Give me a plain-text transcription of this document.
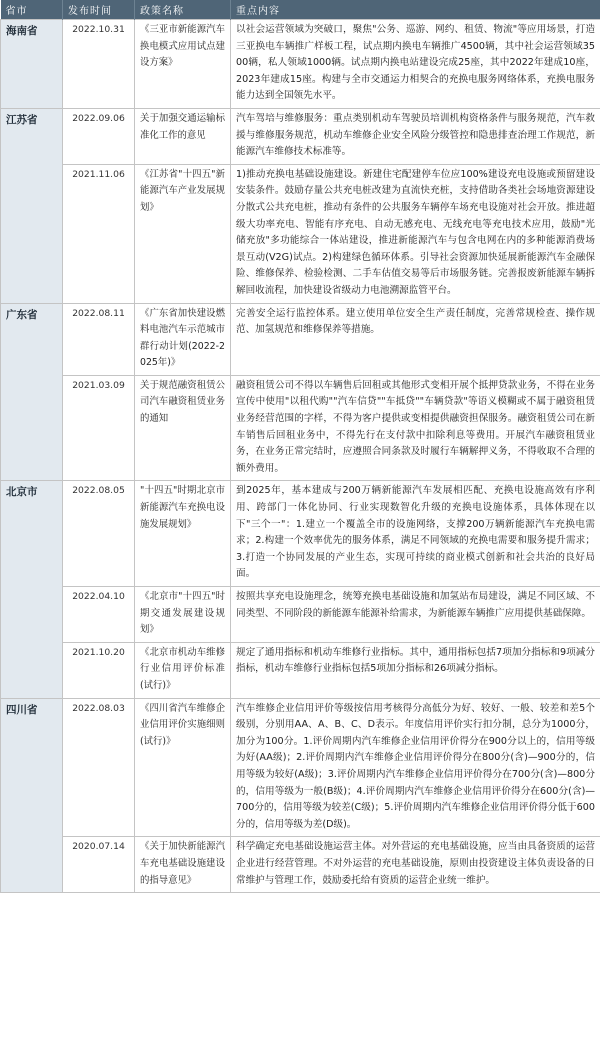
省市	发布时间	政策名称	重点内容
海南省	2022.10.31	《三亚市新能源汽车换电模式应用试点建设方案》	以社会运营领域为突破口，聚焦"公务、巡游、网约、租赁、物流"等应用场景，打造三亚换电车辆推广样板工程，试点期内换电车辆推广4500辆，其中社会运营领域3500辆，私人领域1000辆。试点期内换电站建设完成25座，其中2022年建成10座，2023年建成15座。构建与全市交通运力相契合的充换电服务网络体系，充换电服务能力达到全国领先水平。
江苏省	2022.09.06	关于加强交通运输标准化工作的意见	汽车驾培与维修服务：重点类别机动车驾驶员培训机构资格条件与服务规范，汽车救援与维修服务规范，机动车维修企业安全风险分级管控和隐患排查治理工作规范，新能源汽车维修技术标准等。
	2021.11.06	《江苏省"十四五"新能源汽车产业发展规划》	1)推动充换电基础设施建设。新建住宅配建停车位应100%建设充电设施或预留建设安装条件。鼓励存量公共充电桩改建为直流快充桩，支持借助各类社会场地资源建设分散式公共充电桩，推动有条件的公共服务车辆停车场充电设施对社会开放。推进超级大功率充电、智能有序充电、自动无感充电、无线充电等充电技术应用，鼓励"光储充放"多功能综合一体站建设，推进新能源汽车与包含电网在内的多种能源消费场景互动(V2G)试点。2)构建绿色循环体系。引导社会资源加快延展新能源汽车金融保险、维修保养、检验检测、二手车估值交易等后市场服务链。完善报废新能源车辆拆解回收流程，加快建设省级动力电池溯源监管平台。
广东省	2022.08.11	《广东省加快建设燃料电池汽车示范城市群行动计划(2022-2025年)》	完善安全运行监控体系。建立使用单位安全生产责任制度，完善常规检查、操作规范、加氢规范和维修保养等措施。
	2021.03.09	关于规范融资租赁公司汽车融资租赁业务的通知	融资租赁公司不得以车辆售后回租或其他形式变相开展个抵押贷款业务，不得在业务宣传中使用"以租代购""汽车信贷""车抵贷""车辆贷款"等语义模糊或不属于融资租赁业务经营范围的字样，不得为客户提供或变相提供融资担保服务。融资租赁公司在新车销售后回租业务中，不得先行在支付款中扣除利息等费用。开展汽车融资租赁业务，在业务正常完结时，应遵照合同条款及时履行车辆解押义务，不得收取不合理的额外费用。
北京市	2022.08.05	"十四五"时期北京市新能源汽车充换电设施发展规划》	到2025年，基本建成与200万辆新能源汽车发展相匹配、充换电设施高效有序利用、跨部门一体化协同、行业实现数智化升级的充换电设施体系，具体体现在以下"三个一"：1.建立一个覆盖全市的设施网络，支撑200万辆新能源汽车充换电需求；2.构建一个效率优先的服务体系，满足不同领域的充换电需要和服务提升需求；3.打造一个协同发展的产业生态，实现可持续的商业模式创新和社会共治的良好局面。
	2022.04.10	《北京市"十四五"时期交通发展建设规划》	按照共享充电设施理念，统筹充换电基础设施和加氢站布局建设，满足不同区域、不同类型、不同阶段的新能源车能源补给需求，为新能源车辆推广应用提供基础保障。
	2021.10.20	《北京市机动车维修行业信用评价标准(试行)》	规定了通用指标和机动车维修行业指标。其中，通用指标包括7项加分指标和9项减分指标，机动车维修行业指标包括5项加分指标和26项减分指标。
四川省	2022.08.03	《四川省汽车维修企业信用评价实施细则(试行)》	汽车维修企业信用评价等级按信用考核得分高低分为好、较好、一般、较差和差5个级别，分别用AA、A、B、C、D表示。年度信用评价实行扣分制，总分为1000分，加分为100分。1.评价周期内汽车维修企业信用评价得分在900分以上的，信用等级为好(AA级)；2.评价周期内汽车维修企业信用评价得分在800分(含)—900分的，信用等级为较好(A级)；3.评价周期内汽车维修企业信用评价得分在700分(含)—800分的，信用等级为一般(B级)；4.评价周期内汽车维修企业信用评价得分在600分(含)—700分的，信用等级为较差(C级)；5.评价周期内汽车维修企业信用评价得分低于600分的，信用等级为差(D级)。
	2020.07.14	《关于加快新能源汽车充电基础设施建设的指导意见》	科学确定充电基础设施运营主体。对外营运的充电基础设施，应当由具备资质的运营企业进行经营管理。不对外运营的充电基础设施，原则由投资建设主体负责设备的日常维护与管理工作，鼓励委托给有资质的运营企业统一维护。
